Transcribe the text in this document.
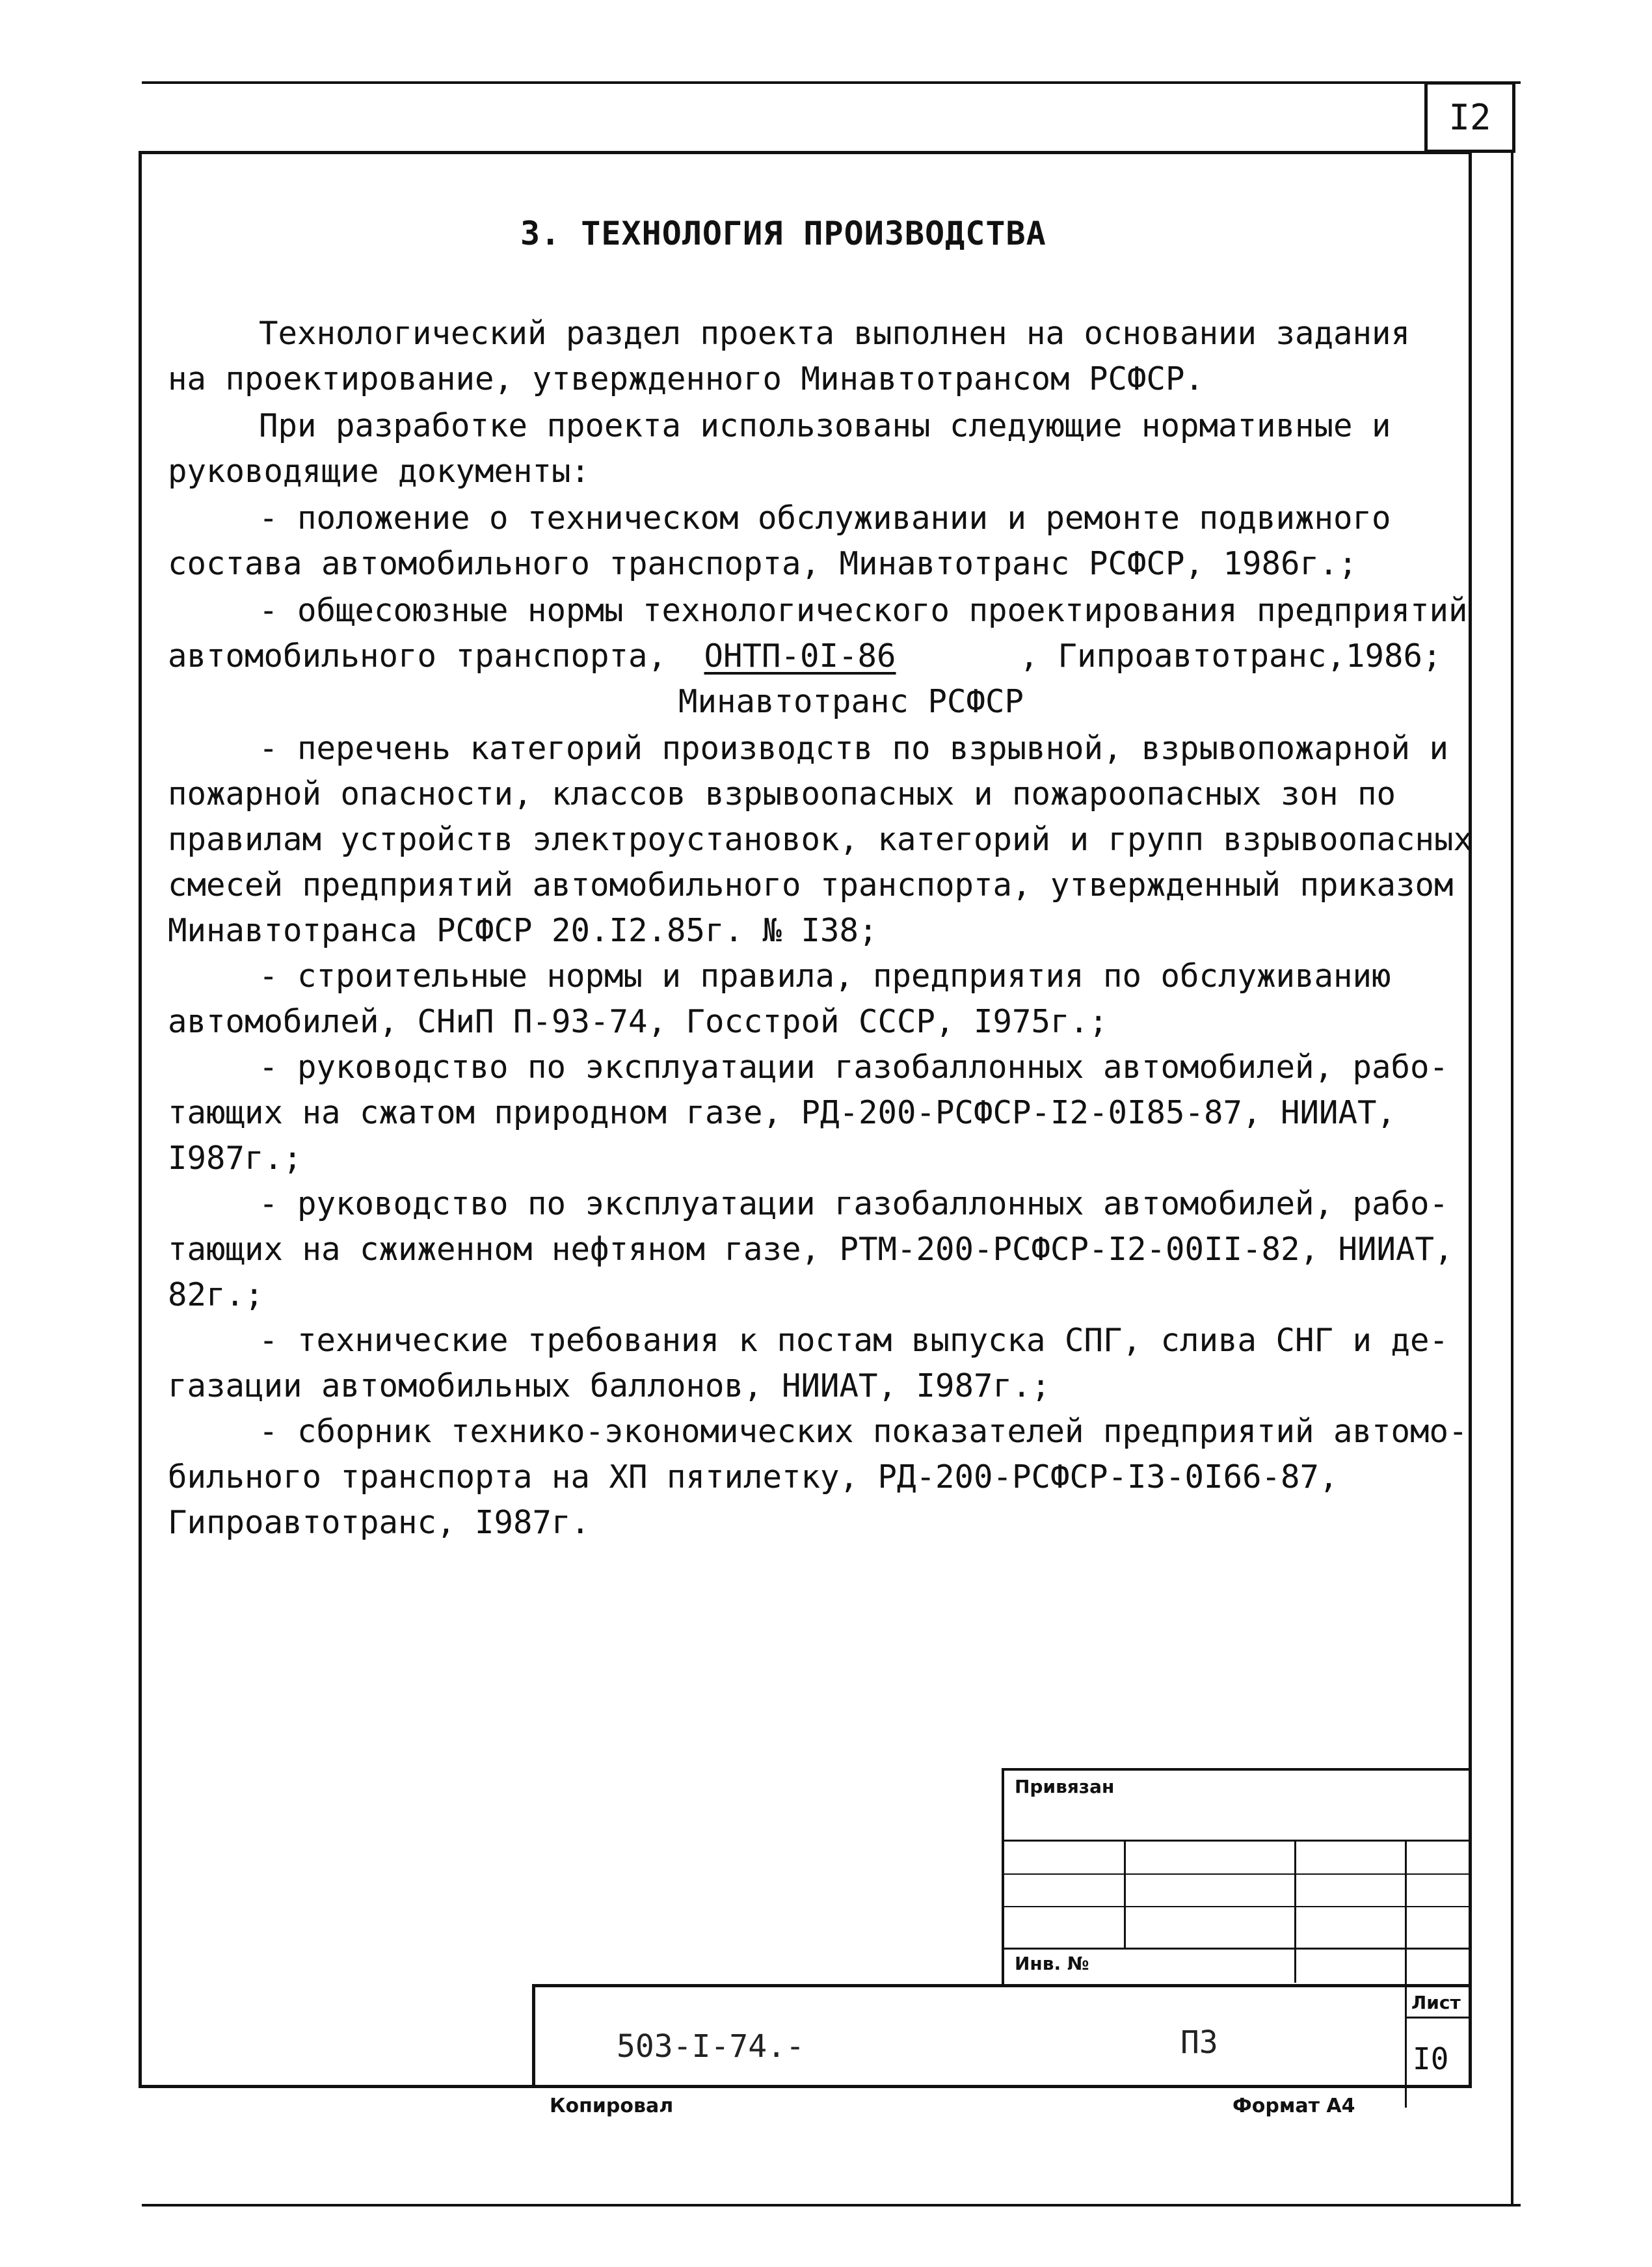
I2
3. ТЕХНОЛОГИЯ ПРОИЗВОДСТВА
Технологический раздел проекта выполнен на основании задания
на проектирование, утвержденного Минавтотрансом РСФСР.
При разработке проекта использованы следующие нормативные и
руководящие документы:
- положение о техническом обслуживании и ремонте подвижного
состава автомобильного транспорта, Минавтотранс РСФСР, 1986г.;
- общесоюзные нормы технологического проектирования предприятий
автомобильного транспорта, ОНТП-0I-86	, Гипроавтотранс,1986;
Минавтотранс РСФСР
- перечень категорий производств по взрывной, взрывопожарной и
пожарной опасности, классов взрывоопасных и пожароопасных зон по
правилам устройств электроустановок, категорий и групп взрывоопасных
смесей предприятий автомобильного транспорта, утвержденный приказом
Минавтотранса РСФСР 20.I2.85г. № I38;
- строительные нормы и правила, предприятия по обслуживанию
автомобилей, СНиП П-93-74, Госстрой СССР, I975г.;
- руководство по эксплуатации газобаллонных автомобилей, рабо-
тающих на сжатом природном газе, РД-200-РСФСР-I2-0I85-87, НИИАТ,
I987г.;
- руководство по эксплуатации газобаллонных автомобилей, рабо-
тающих на сжиженном нефтяном газе, РТМ-200-РСФСР-I2-00II-82, НИИАТ,
82г.;
- технические требования к постам выпуска СПГ, слива СНГ и де-
газации автомобильных баллонов, НИИАТ, I987г.;
- сборник технико-экономических показателей предприятий автомо-
бильного транспорта на ХП пятилетку, РД-200-РСФСР-I3-0I66-87,
Гипроавтотранс, I987г.
Привязан
Инв. №
Лист
503-I-74.-	ПЗ	I0
Копировал	Формат А4
